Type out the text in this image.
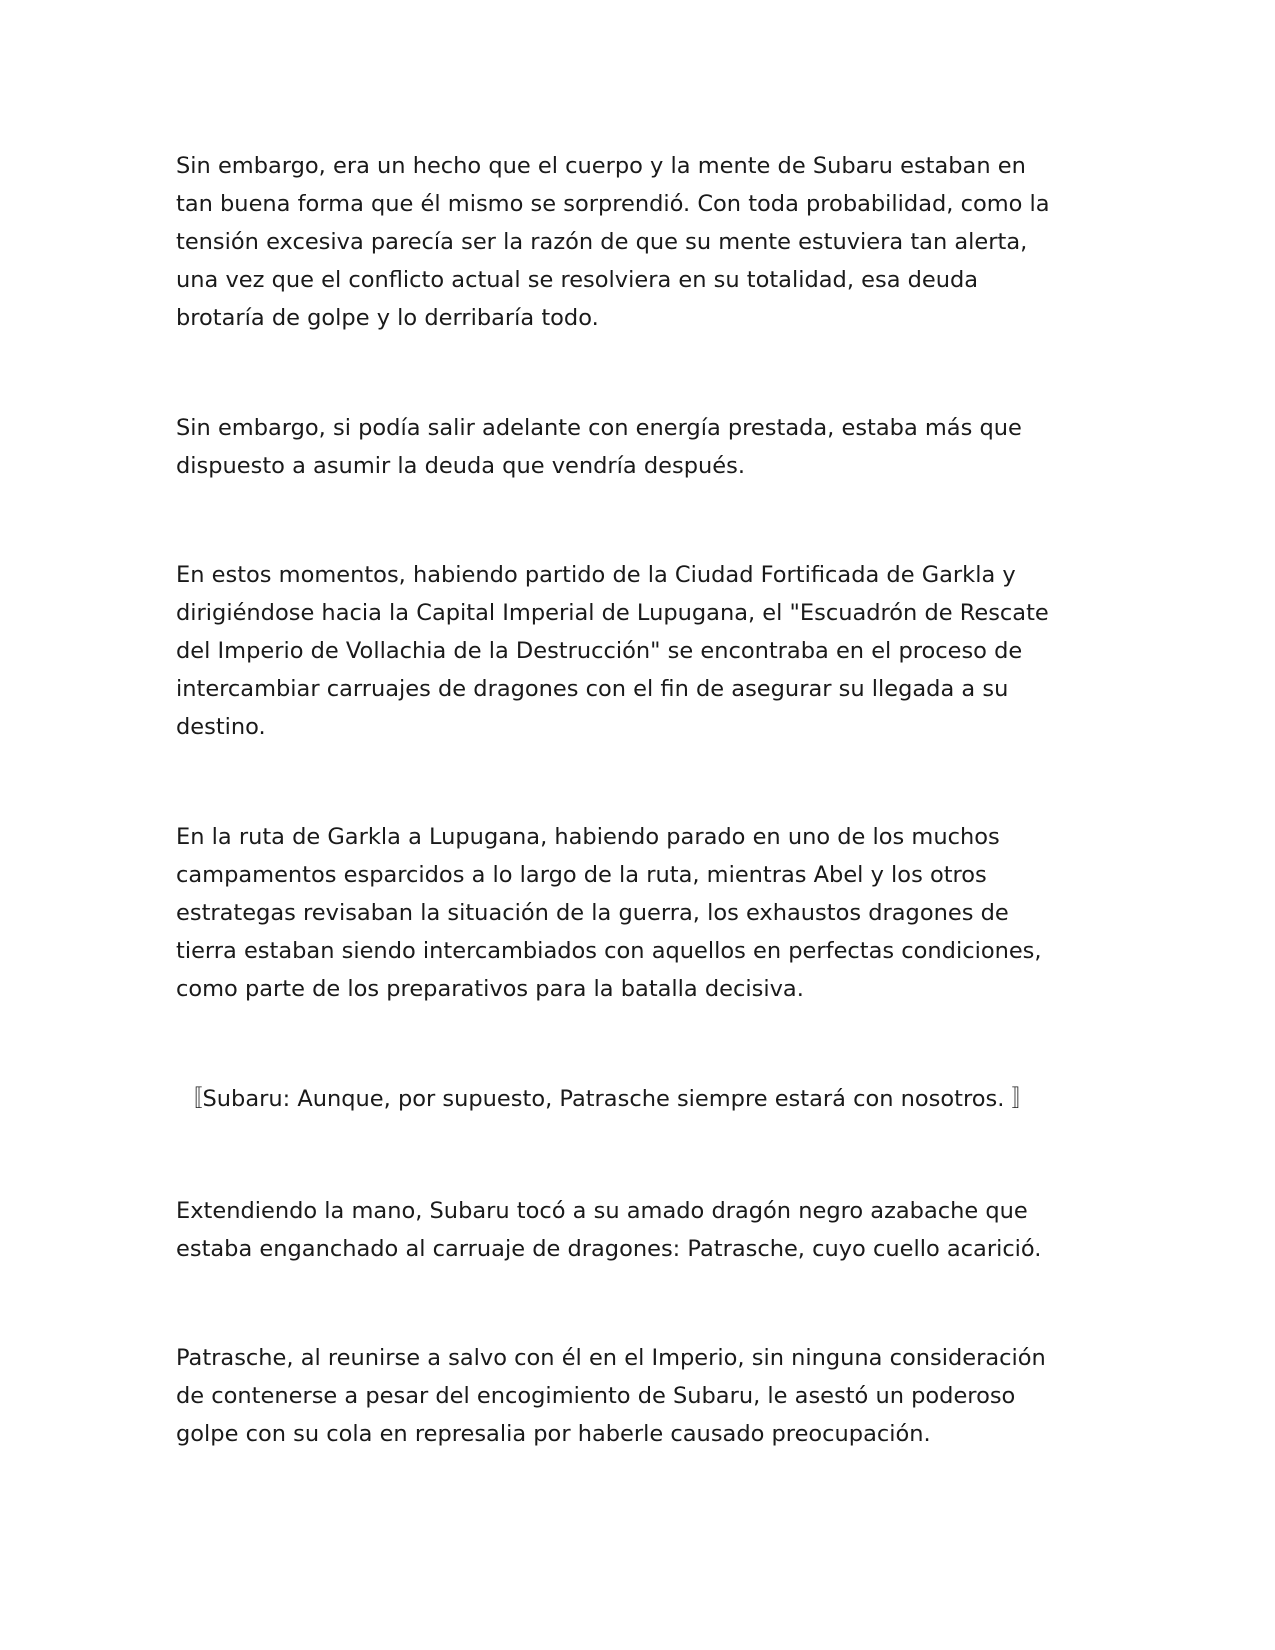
Sin embargo, era un hecho que el cuerpo y la mente de Subaru estaban en
tan buena forma que él mismo se sorprendió. Con toda probabilidad, como la
tensión excesiva parecía ser la razón de que su mente estuviera tan alerta,
una vez que el conflicto actual se resolviera en su totalidad, esa deuda
brotaría de golpe y lo derribaría todo.

Sin embargo, si podía salir adelante con energía prestada, estaba más que
dispuesto a asumir la deuda que vendría después.

En estos momentos, habiendo partido de la Ciudad Fortificada de Garkla y
dirigiéndose hacia la Capital Imperial de Lupugana, el "Escuadrón de Rescate
del Imperio de Vollachia de la Destrucción" se encontraba en el proceso de
intercambiar carruajes de dragones con el fin de asegurar su llegada a su
destino.

En la ruta de Garkla a Lupugana, habiendo parado en uno de los muchos
campamentos esparcidos a lo largo de la ruta, mientras Abel y los otros
estrategas revisaban la situación de la guerra, los exhaustos dragones de
tierra estaban siendo intercambiados con aquellos en perfectas condiciones,
como parte de los preparativos para la batalla decisiva.

〚Subaru: Aunque, por supuesto, Patrasche siempre estará con nosotros. 〛

Extendiendo la mano, Subaru tocó a su amado dragón negro azabache que
estaba enganchado al carruaje de dragones: Patrasche, cuyo cuello acarició.

Patrasche, al reunirse a salvo con él en el Imperio, sin ninguna consideración
de contenerse a pesar del encogimiento de Subaru, le asestó un poderoso
golpe con su cola en represalia por haberle causado preocupación.
